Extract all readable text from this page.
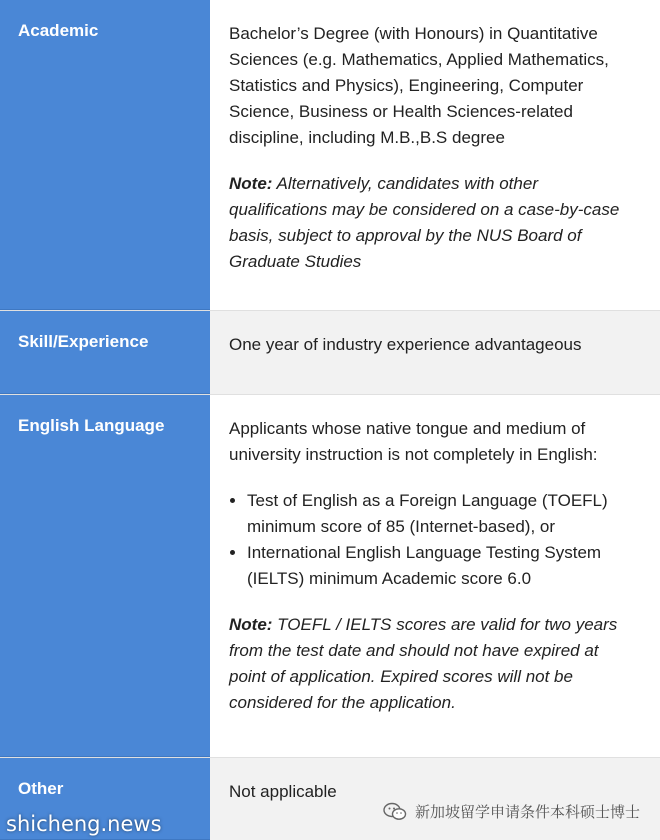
Academic	Bachelor’s Degree (with Honours) in Quantitative Sciences (e.g. Mathematics, Applied Mathematics, Statistics and Physics), Engineering, Computer Science, Business or Health Sciences-related discipline, including M.B.,B.S degree

Note: Alternatively, candidates with other qualifications may be considered on a case-by-case basis, subject to approval by the NUS Board of Graduate Studies

Skill/Experience	One year of industry experience advantageous

English Language	Applicants whose native tongue and medium of university instruction is not completely in English:

• Test of English as a Foreign Language (TOEFL) minimum score of 85 (Internet-based), or
• International English Language Testing System (IELTS) minimum Academic score 6.0

Note: TOEFL / IELTS scores are valid for two years from the test date and should not have expired at point of application. Expired scores will not be considered for the application.

Other	Not applicable

shicheng.news	新加坡留学申请条件本科硕士博士
